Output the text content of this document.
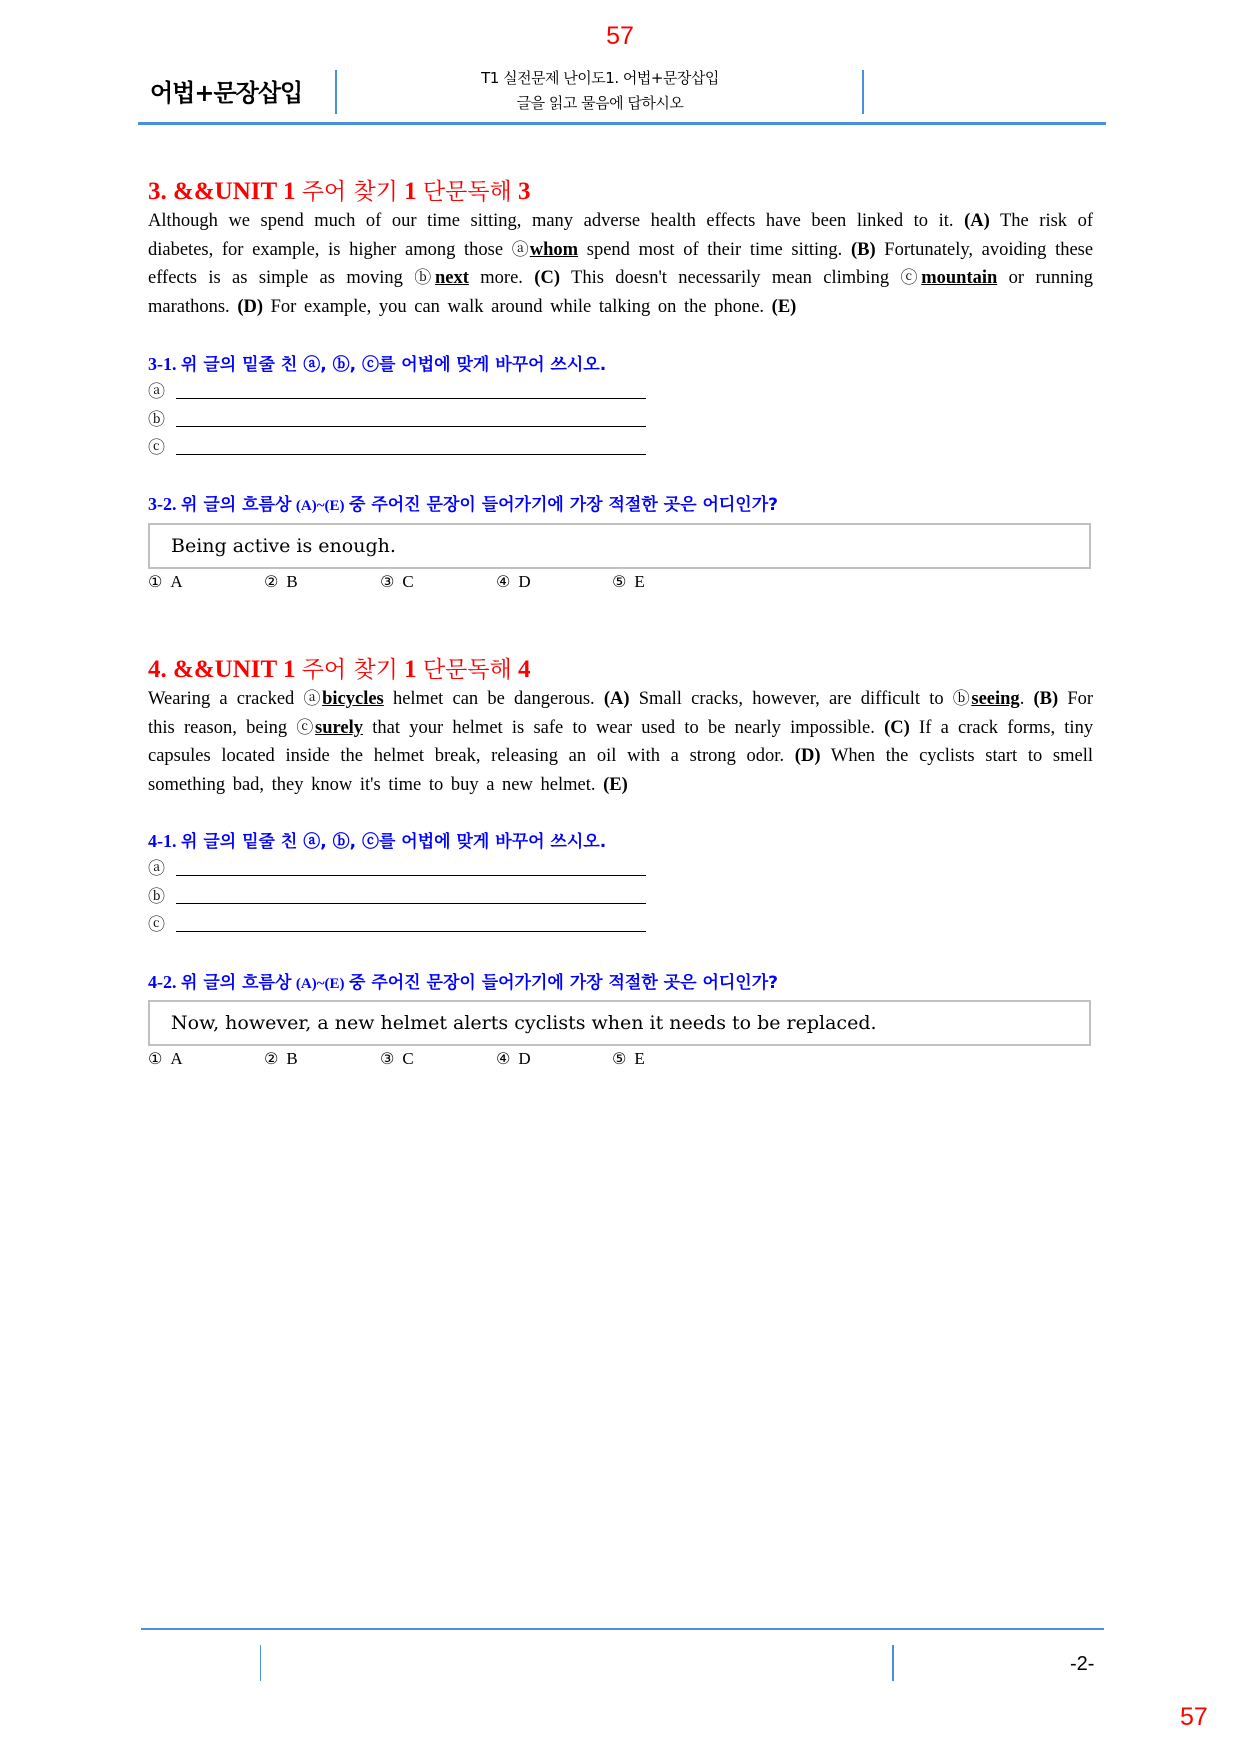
57
어법+문장삽입
T1 실전문제 난이도1. 어법+문장삽입
글을 읽고 물음에 답하시오
3. &&UNIT 1 주어 찾기 1 단문독해 3
Although we spend much of our time sitting, many adverse health effects have been linked to it. (A) The risk of diabetes, for example, is higher among those ⓐwhom spend most of their time sitting. (B) Fortunately, avoiding these effects is as simple as moving ⓑnext more. (C) This doesn't necessarily mean climbing ⓒmountain or running marathons. (D) For example, you can walk around while talking on the phone. (E)
3-1. 위 글의 밑줄 친 ⓐ, ⓑ, ⓒ를 어법에 맞게 바꾸어 쓰시오.
ⓐ
ⓑ
ⓒ
3-2. 위 글의 흐름상 (A)~(E) 중 주어진 문장이 들어가기에 가장 적절한 곳은 어디인가?
Being active is enough.
① A	② B	③ C	④ D	⑤ E
4. &&UNIT 1 주어 찾기 1 단문독해 4
Wearing a cracked ⓐbicycles helmet can be dangerous. (A) Small cracks, however, are difficult to ⓑseeing. (B) For this reason, being ⓒsurely that your helmet is safe to wear used to be nearly impossible. (C) If a crack forms, tiny capsules located inside the helmet break, releasing an oil with a strong odor. (D) When the cyclists start to smell something bad, they know it's time to buy a new helmet. (E)
4-1. 위 글의 밑줄 친 ⓐ, ⓑ, ⓒ를 어법에 맞게 바꾸어 쓰시오.
ⓐ
ⓑ
ⓒ
4-2. 위 글의 흐름상 (A)~(E) 중 주어진 문장이 들어가기에 가장 적절한 곳은 어디인가?
Now, however, a new helmet alerts cyclists when it needs to be replaced.
① A	② B	③ C	④ D	⑤ E
-2-
57
